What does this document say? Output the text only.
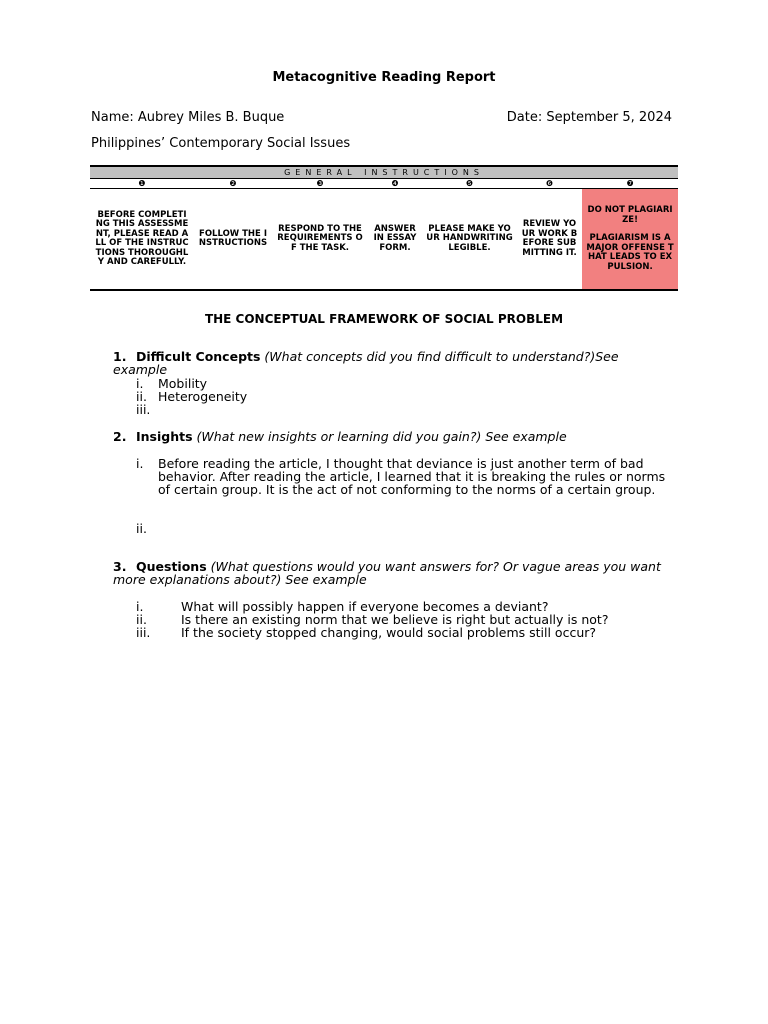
Metacognitive Reading Report
Name: Aubrey Miles B. Buque	Date: September 5, 2024
Philippines’ Contemporary Social Issues
GENERAL INSTRUCTIONS						
❶	❷	❸	❹	❺	❻	❼
BEFORE COMPLETING THIS ASSESSMENT, PLEASE READ ALL OF THE INSTRUCTIONS THOROUGHLY AND CAREFULLY.	FOLLOW THE INSTRUCTIONS	RESPOND TO THE REQUIREMENTS OF THE TASK.	ANSWER IN ESSAY FORM.	PLEASE MAKE YOUR HANDWRITING LEGIBLE.	REVIEW YOUR WORK BEFORE SUBMITTING IT.	DO NOT PLAGIARIZE!
PLAGIARISM IS A MAJOR OFFENSE THAT LEADS TO EXPULSION.
THE CONCEPTUAL FRAMEWORK OF SOCIAL PROBLEM
1. Difficult Concepts (What concepts did you find difficult to understand?)See example
i. Mobility
ii. Heterogeneity
iii.
2. Insights (What new insights or learning did you gain?) See example
i. Before reading the article, I thought that deviance is just another term of bad behavior. After reading the article, I learned that it is breaking the rules or norms of certain group. It is the act of not conforming to the norms of a certain group.
ii.
3. Questions (What questions would you want answers for? Or vague areas you want more explanations about?) See example
i.	What will possibly happen if everyone becomes a deviant?
ii.	Is there an existing norm that we believe is right but actually is not?
iii. If the society stopped changing, would social problems still occur?
